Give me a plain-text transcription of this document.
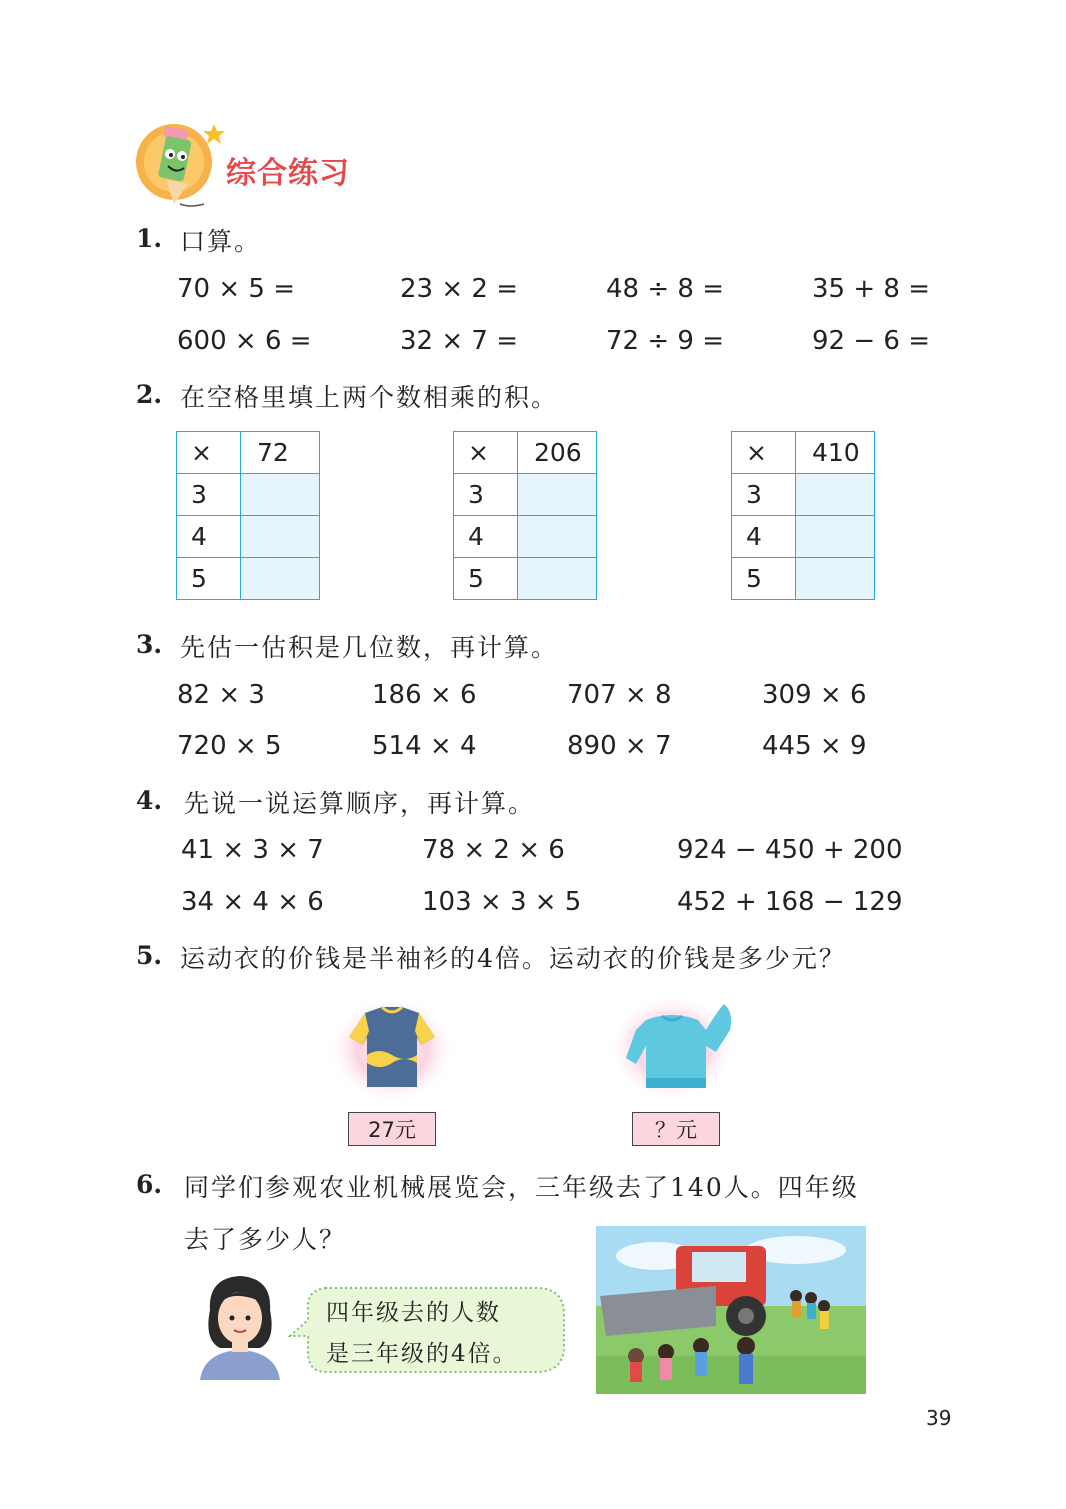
综合练习
1. 口算。
70 × 5 =	23 × 2 =	48 ÷ 8 =	35 + 8 =
600 × 6 =	32 × 7 =	72 ÷ 9 =	92 − 6 =
2. 在空格里填上两个数相乘的积。
×	72
3	
4	
5	
×	206
3	
4	
5	
×	410
3	
4	
5	
3. 先估一估积是几位数，再计算。
82 × 3	186 × 6	707 × 8	309 × 6
720 × 5	514 × 4	890 × 7	445 × 9
4. 先说一说运算顺序，再计算。
41 × 3 × 7	78 × 2 × 6	924 − 450 + 200
34 × 4 × 6	103 × 3 × 5	452 + 168 − 129
5. 运动衣的价钱是半袖衫的4倍。运动衣的价钱是多少元？
27元	？元
6. 同学们参观农业机械展览会，三年级去了140人。四年级
去了多少人？
四年级去的人数
是三年级的4倍。
39
